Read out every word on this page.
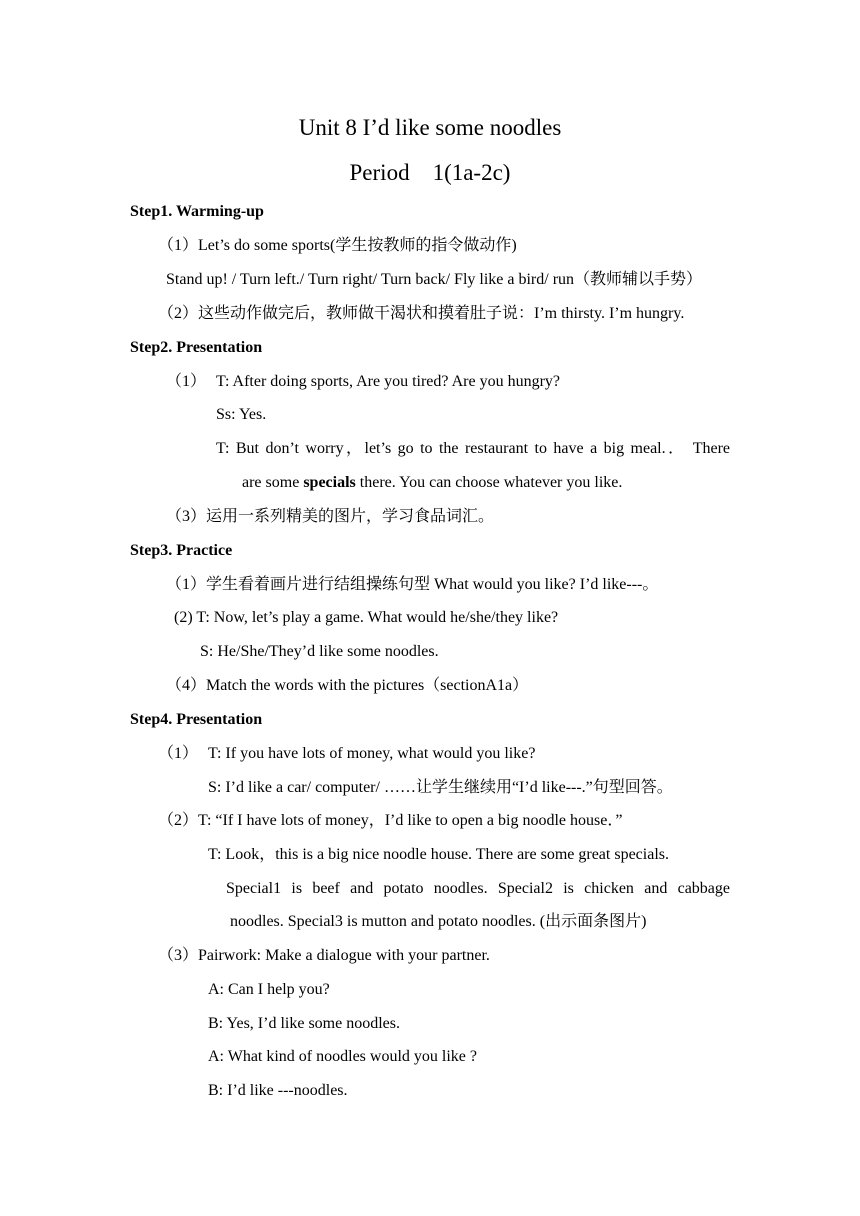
Unit 8 I’d like some noodles
Period    1(1a-2c)
Step1. Warming-up
（1）Let’s do some sports(学生按教师的指令做动作)
Stand up! / Turn left./ Turn right/ Turn back/ Fly like a bird/ run（教师辅以手势）
（2）这些动作做完后，教师做干渴状和摸着肚子说：I’m thirsty. I’m hungry.
Step2. Presentation
（1） T: After doing sports, Are you tired? Are you hungry?
Ss: Yes.
T: But don’t worry，let’s go to the restaurant to have a big meal.． There
are some specials there. You can choose whatever you like.
（3）运用一系列精美的图片，学习食品词汇。
Step3. Practice
（1）学生看着画片进行结组操练句型 What would you like? I’d like---。
(2) T: Now, let’s play a game. What would he/she/they like?
S: He/She/They’d like some noodles.
（4）Match the words with the pictures（sectionA1a）
Step4. Presentation
（1） T: If you have lots of money, what would you like?
S: I’d like a car/ computer/ ……让学生继续用“I’d like---.”句型回答。
（2）T: “If I have lots of money，I’d like to open a big noodle house．”
T: Look，this is a big nice noodle house. There are some great specials.
Special1 is beef and potato noodles. Special2 is chicken and cabbage
noodles. Special3 is mutton and potato noodles. (出示面条图片)
（3）Pairwork: Make a dialogue with your partner.
A: Can I help you?
B: Yes, I’d like some noodles.
A: What kind of noodles would you like ?
B: I’d like ---noodles.
